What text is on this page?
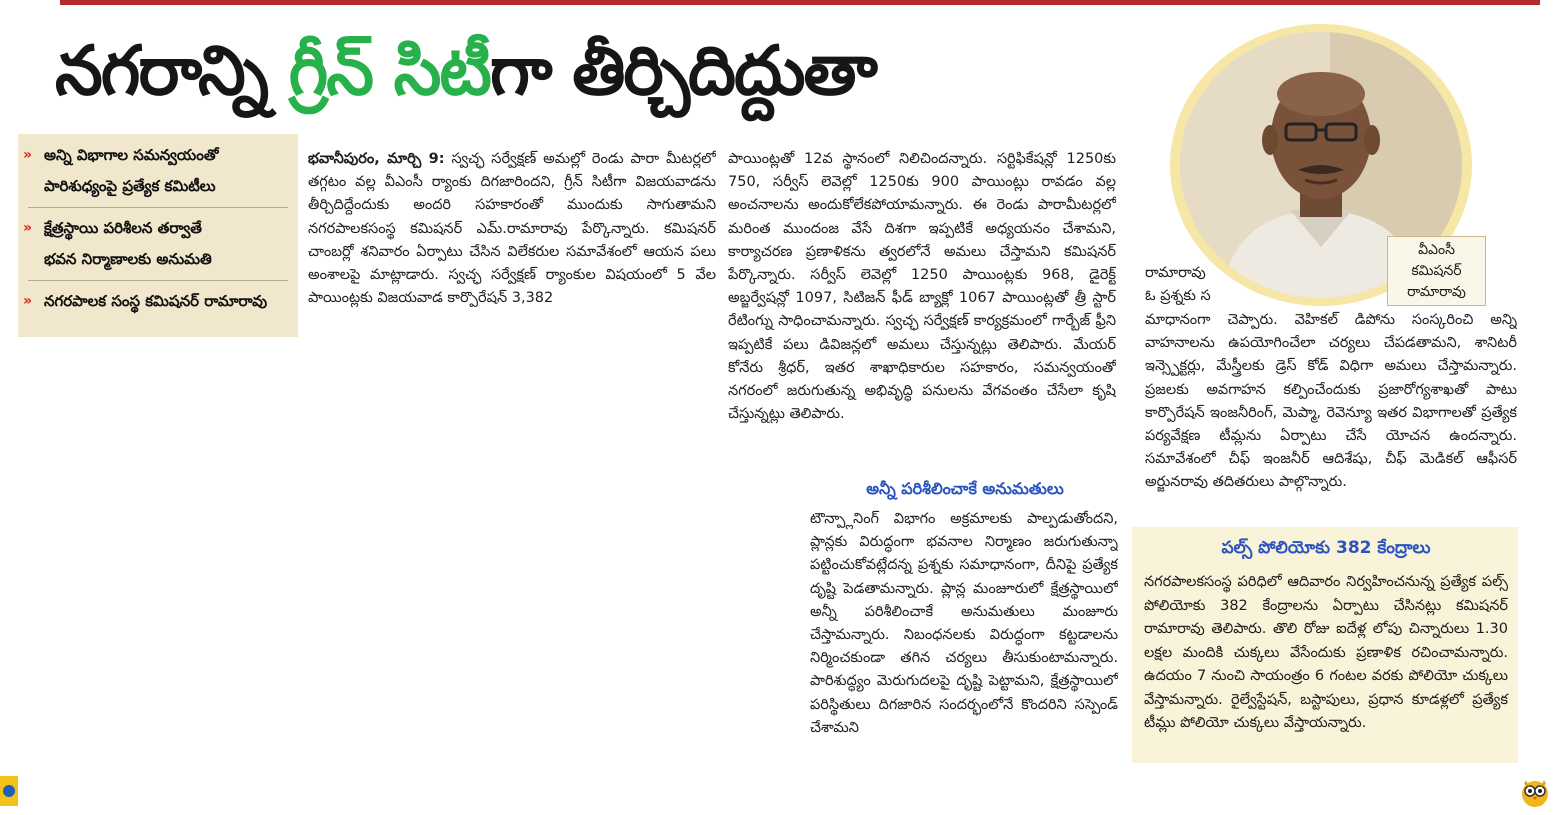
నగరాన్ని గ్రీన్ సిటీగా తీర్చిదిద్దుతా
» అన్ని విభాగాల సమన్వయంతో
పారిశుధ్యంపై ప్రత్యేక కమిటీలు
» క్షేత్రస్థాయి పరిశీలన తర్వాతే
భవన నిర్మాణాలకు అనుమతి
» నగరపాలక సంస్థ కమిషనర్ రామారావు

భవానీపురం, మార్చి 9: స్వచ్ఛ సర్వేక్షణ్ అమల్లో రెండు పారా మీటర్లలో తగ్గటం వల్ల వీఎంసీ ర్యాంకు దిగజారిందని, గ్రీన్ సిటీగా విజయవాడను తీర్చిదిద్దేందుకు అందరి సహకారంతో ముందుకు సాగుతామని నగరపాలకసంస్థ కమిషనర్ ఎమ్.రామారావు పేర్కొన్నారు. కమిషనర్ చాంబర్లో శనివారం ఏర్పాటు చేసిన విలేకరుల సమావేశంలో ఆయన పలు అంశాలపై మాట్లాడారు. స్వచ్ఛ సర్వేక్షణ్ ర్యాంకుల విషయంలో 5 వేల పాయింట్లకు విజయవాడ కార్పొరేషన్ 3,382

పాయింట్లతో 12వ స్థానంలో నిలిచిందన్నారు. సర్టిఫికేషన్లో 1250కు 750, సర్వీస్ లెవెల్లో 1250కు 900 పాయింట్లు రావడం వల్ల అంచనాలను అందుకోలేకపోయామన్నారు. ఈ రెండు పారామీటర్లలో మరింత ముందంజ వేసే దిశగా ఇప్పటికే అధ్యయనం చేశామని, కార్యాచరణ ప్రణాళికను త్వరలోనే అమలు చేస్తామని కమిషనర్ పేర్కొన్నారు. సర్వీస్ లెవెల్లో 1250 పాయింట్లకు 968, డైరెక్ట్ అబ్జర్వేషన్లో 1097, సిటిజన్ ఫీడ్ బ్యాక్లో 1067 పాయింట్లతో త్రీ స్టార్ రేటింగ్ను సాధించామన్నారు. స్వచ్ఛ సర్వేక్షణ్ కార్యక్రమంలో గార్బేజ్ ఫ్రీని ఇప్పటికే పలు డివిజన్లలో అమలు చేస్తున్నట్లు తెలిపారు. మేయర్ కోనేరు శ్రీధర్, ఇతర శాఖాధికారుల సహకారం, సమన్వయంతో నగరంలో జరుగుతున్న అభివృద్ధి పనులను వేగవంతం చేసేలా కృషి చేస్తున్నట్లు తెలిపారు.

అన్నీ పరిశీలించాకే అనుమతులు

టౌన్ప్లానింగ్ విభాగం అక్రమాలకు పాల్పడుతోందని, ప్లాన్లకు విరుద్ధంగా భవనాల నిర్మాణం జరుగుతున్నా పట్టించుకోవట్లేదన్న ప్రశ్నకు సమాధానంగా, దీనిపై ప్రత్యేక దృష్టి పెడతామన్నారు. ప్లాన్ల మంజూరులో క్షేత్రస్థాయిలో అన్నీ పరిశీలించాకే అనుమతులు మంజూరు చేస్తామన్నారు. నిబంధనలకు విరుద్ధంగా కట్టడాలను నిర్మించకుండా తగిన చర్యలు తీసుకుంటామన్నారు. పారిశుద్ధ్యం మెరుగుదలపై దృష్టి పెట్టామని, క్షేత్రస్థాయిలో పరిస్థితులు దిగజారిన సందర్భంలోనే కొందరిని సస్పెండ్ చేశామని

వీఎంసీ
కమిషనర్
రామారావు
రామారావు
ఓ ప్రశ్నకు స

మాధానంగా చెప్పారు. వెహికల్ డిపోను సంస్కరించి అన్ని వాహనాలను ఉపయోగించేలా చర్యలు చేపడతామని, శానిటరీ ఇన్స్పెక్టర్లు, మేస్త్రీలకు డ్రెస్ కోడ్ విధిగా అమలు చేస్తామన్నారు. ప్రజలకు అవగాహన కల్పించేందుకు ప్రజారోగ్యశాఖతో పాటు కార్పొరేషన్ ఇంజనీరింగ్, మెప్మా, రెవెన్యూ ఇతర విభాగాలతో ప్రత్యేక పర్యవేక్షణ టీమ్లను ఏర్పాటు చేసే యోచన ఉందన్నారు. సమావేశంలో చీఫ్ ఇంజనీర్ ఆదిశేషు, చీఫ్ మెడికల్ ఆఫీసర్ అర్జునరావు తదితరులు పాల్గొన్నారు.

పల్స్ పోలియోకు 382 కేంద్రాలు
నగరపాలకసంస్థ పరిధిలో ఆదివారం నిర్వహించనున్న ప్రత్యేక పల్స్ పోలియోకు 382 కేంద్రాలను ఏర్పాటు చేసినట్లు కమిషనర్ రామారావు తెలిపారు. తొలి రోజు ఐదేళ్ల లోపు చిన్నారులు 1.30 లక్షల మందికి చుక్కలు వేసేందుకు ప్రణాళిక రచించామన్నారు. ఉదయం 7 నుంచి సాయంత్రం 6 గంటల వరకు పోలియో చుక్కలు వేస్తామన్నారు. రైల్వేస్టేషన్, బస్టాపులు, ప్రధాన కూడళ్లలో ప్రత్యేక టీమ్లు పోలియో చుక్కలు వేస్తాయన్నారు.
